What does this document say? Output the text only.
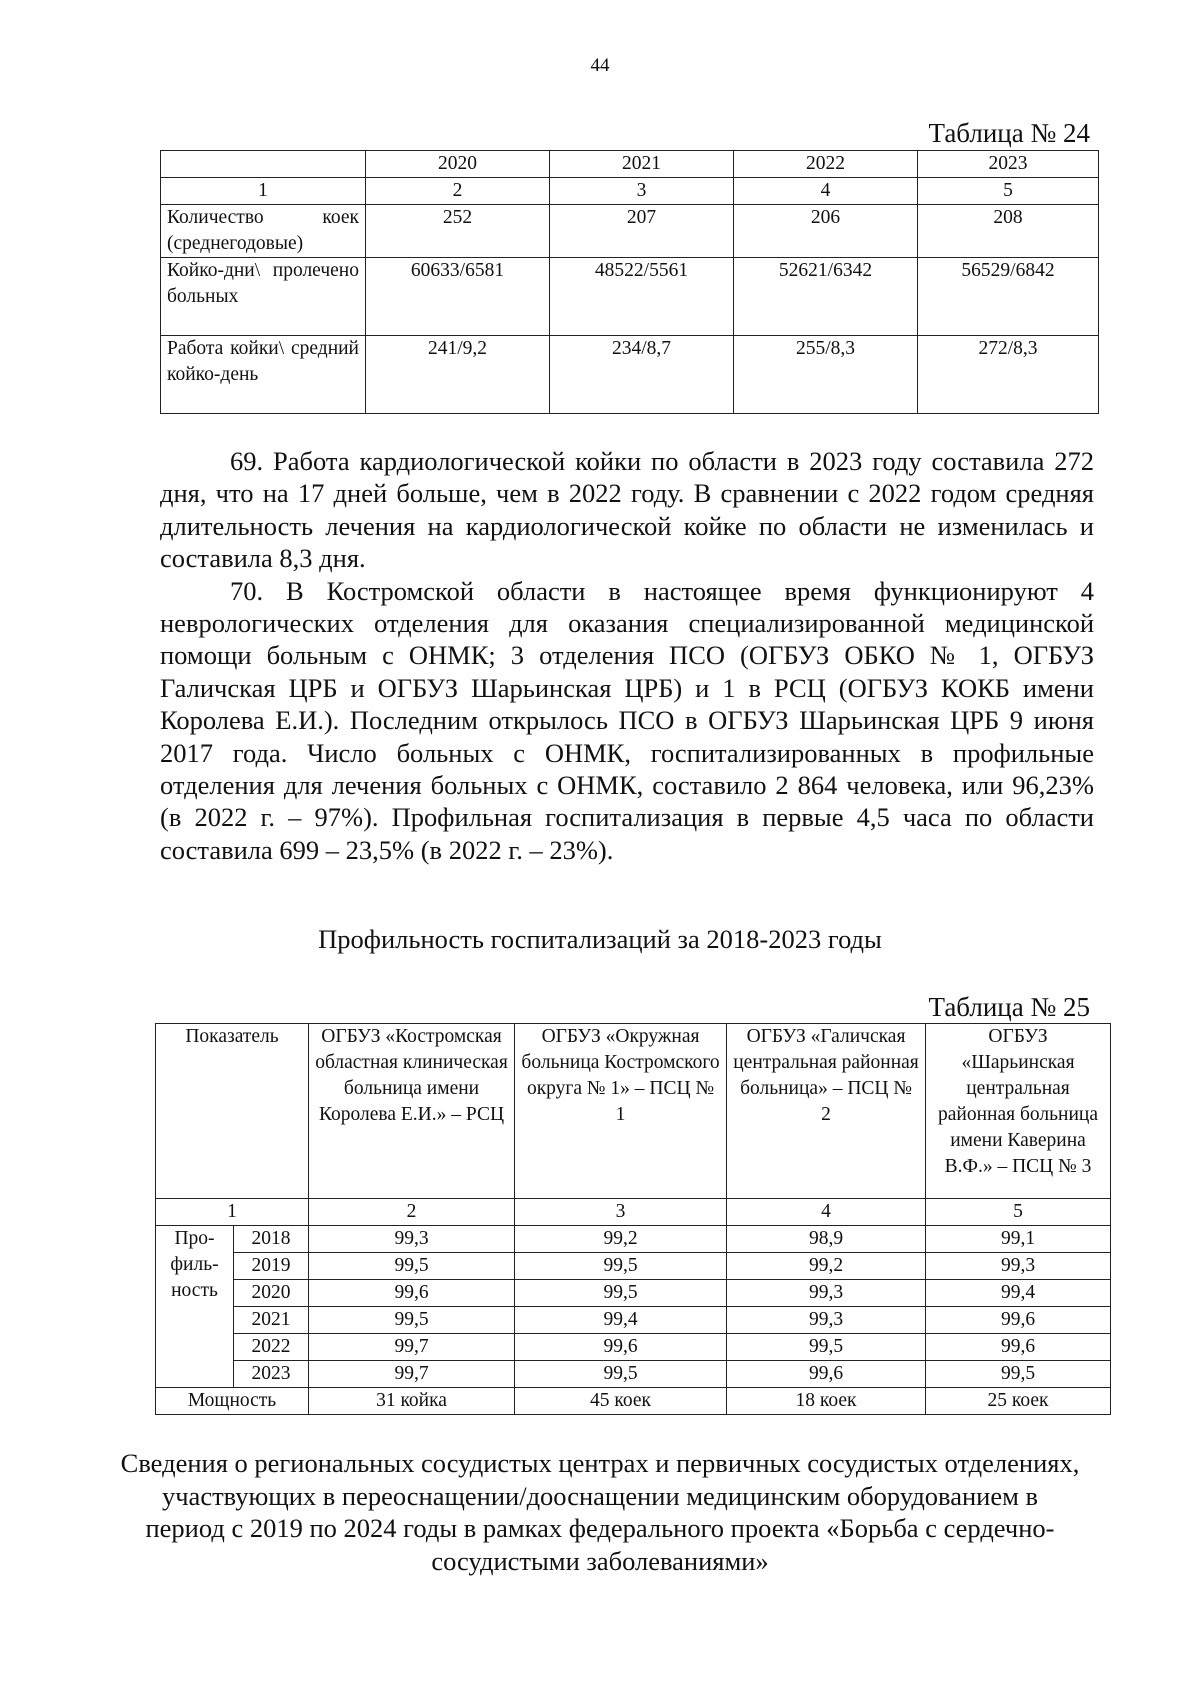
44
Таблица № 24
	2020	2021	2022	2023
1	2	3	4	5
Количество коек (среднегодовые)	252	207	206	208
Койко-дни\ пролечено больных	60633/6581	48522/5561	52621/6342	56529/6842
Работа койки\ средний койко-день	241/9,2	234/8,7	255/8,3	272/8,3

69. Работа кардиологической койки по области в 2023 году составила 272 дня, что на 17 дней больше, чем в 2022 году. В сравнении с 2022 годом средняя длительность лечения на кардиологической койке по области не изменилась и составила 8,3 дня.

70. В Костромской области в настоящее время функционируют 4 неврологических отделения для оказания специализированной медицинской помощи больным с ОНМК; 3 отделения ПСО (ОГБУЗ ОБКО № 1, ОГБУЗ Галичская ЦРБ и ОГБУЗ Шарьинская ЦРБ) и 1 в РСЦ (ОГБУЗ КОКБ имени Королева Е.И.). Последним открылось ПСО в ОГБУЗ Шарьинская ЦРБ 9 июня 2017 года. Число больных с ОНМК, госпитализированных в профильные отделения для лечения больных с ОНМК, составило 2 864 человека, или 96,23% (в 2022 г. – 97%). Профильная госпитализация в первые 4,5 часа по области составила 699 – 23,5% (в 2022 г. – 23%).

Профильность госпитализаций за 2018-2023 годы
Таблица № 25
Показатель		ОГБУЗ «Костромская областная клиническая больница имени Королева Е.И.» – РСЦ	ОГБУЗ «Окружная больница Костромского округа № 1» – ПСЦ № 1	ОГБУЗ «Галичская центральная районная больница» – ПСЦ № 2	ОГБУЗ «Шарьинская центральная районная больница имени Каверина В.Ф.» – ПСЦ № 3
1		2	3	4	5

Про-
филь-
ность	2018	99,3	99,2	98,9	99,1
	2019	99,5	99,5	99,2	99,3
	2020	99,6	99,5	99,3	99,4
	2021	99,5	99,4	99,3	99,6
	2022	99,7	99,6	99,5	99,6
	2023	99,7	99,5	99,6	99,5
Мощность		31 койка	45 коек	18 коек	25 коек
Сведения о региональных сосудистых центрах и первичных сосудистых отделениях, участвующих в переоснащении/дооснащении медицинским оборудованием в период с 2019 по 2024 годы в рамках федерального проекта «Борьба с сердечно-сосудистыми заболеваниями»
